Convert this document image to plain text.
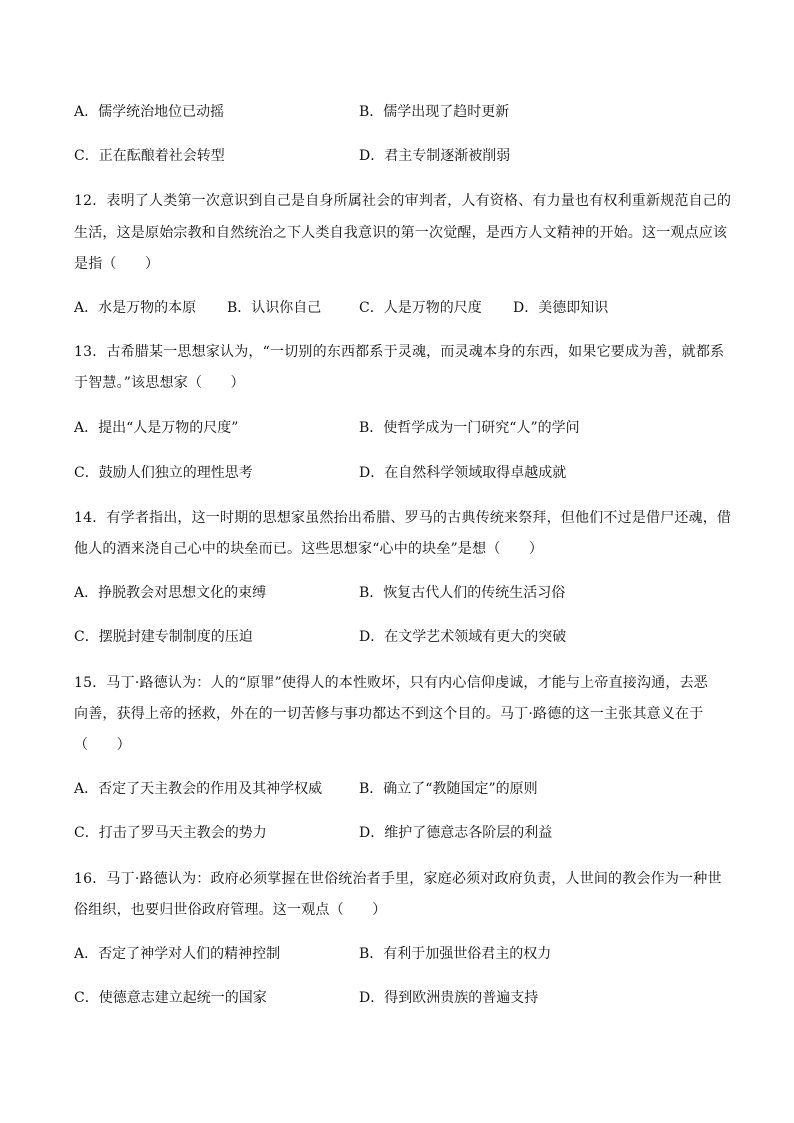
A．儒学统治地位已动摇	B．儒学出现了趋时更新
C．正在酝酿着社会转型	D．君主专制逐渐被削弱
12．表明了人类第一次意识到自己是自身所属社会的审判者，人有资格、有力量也有权利重新规范自己的
生活，这是原始宗教和自然统治之下人类自我意识的第一次觉醒，是西方人文精神的开始。这一观点应该
是指（　　）
A．水是万物的本原 B．认识你自己	C．人是万物的尺度 D．美德即知识
13．古希腊某一思想家认为，“一切别的东西都系于灵魂，而灵魂本身的东西，如果它要成为善，就都系
于智慧。”该思想家（　　）
A．提出“人是万物的尺度”	B．使哲学成为一门研究“人”的学问
C．鼓励人们独立的理性思考	D．在自然科学领域取得卓越成就
14．有学者指出，这一时期的思想家虽然抬出希腊、罗马的古典传统来祭拜，但他们不过是借尸还魂，借
他人的酒来浇自己心中的块垒而已。这些思想家“心中的块垒”是想（　　）
A．挣脱教会对思想文化的束缚	B．恢复古代人们的传统生活习俗
C．摆脱封建专制制度的压迫	D．在文学艺术领域有更大的突破
15．马丁·路德认为：人的“原罪”使得人的本性败坏，只有内心信仰虔诚，才能与上帝直接沟通，去恶
向善，获得上帝的拯救，外在的一切苦修与事功都达不到这个目的。马丁·路德的这一主张其意义在于
（　　）
A．否定了天主教会的作用及其神学权威	B．确立了“教随国定”的原则
C．打击了罗马天主教会的势力	D．维护了德意志各阶层的利益
16．马丁·路德认为：政府必须掌握在世俗统治者手里，家庭必须对政府负责，人世间的教会作为一种世
俗组织，也要归世俗政府管理。这一观点（　　）
A．否定了神学对人们的精神控制	B．有利于加强世俗君主的权力
C．使德意志建立起统一的国家	D．得到欧洲贵族的普遍支持
